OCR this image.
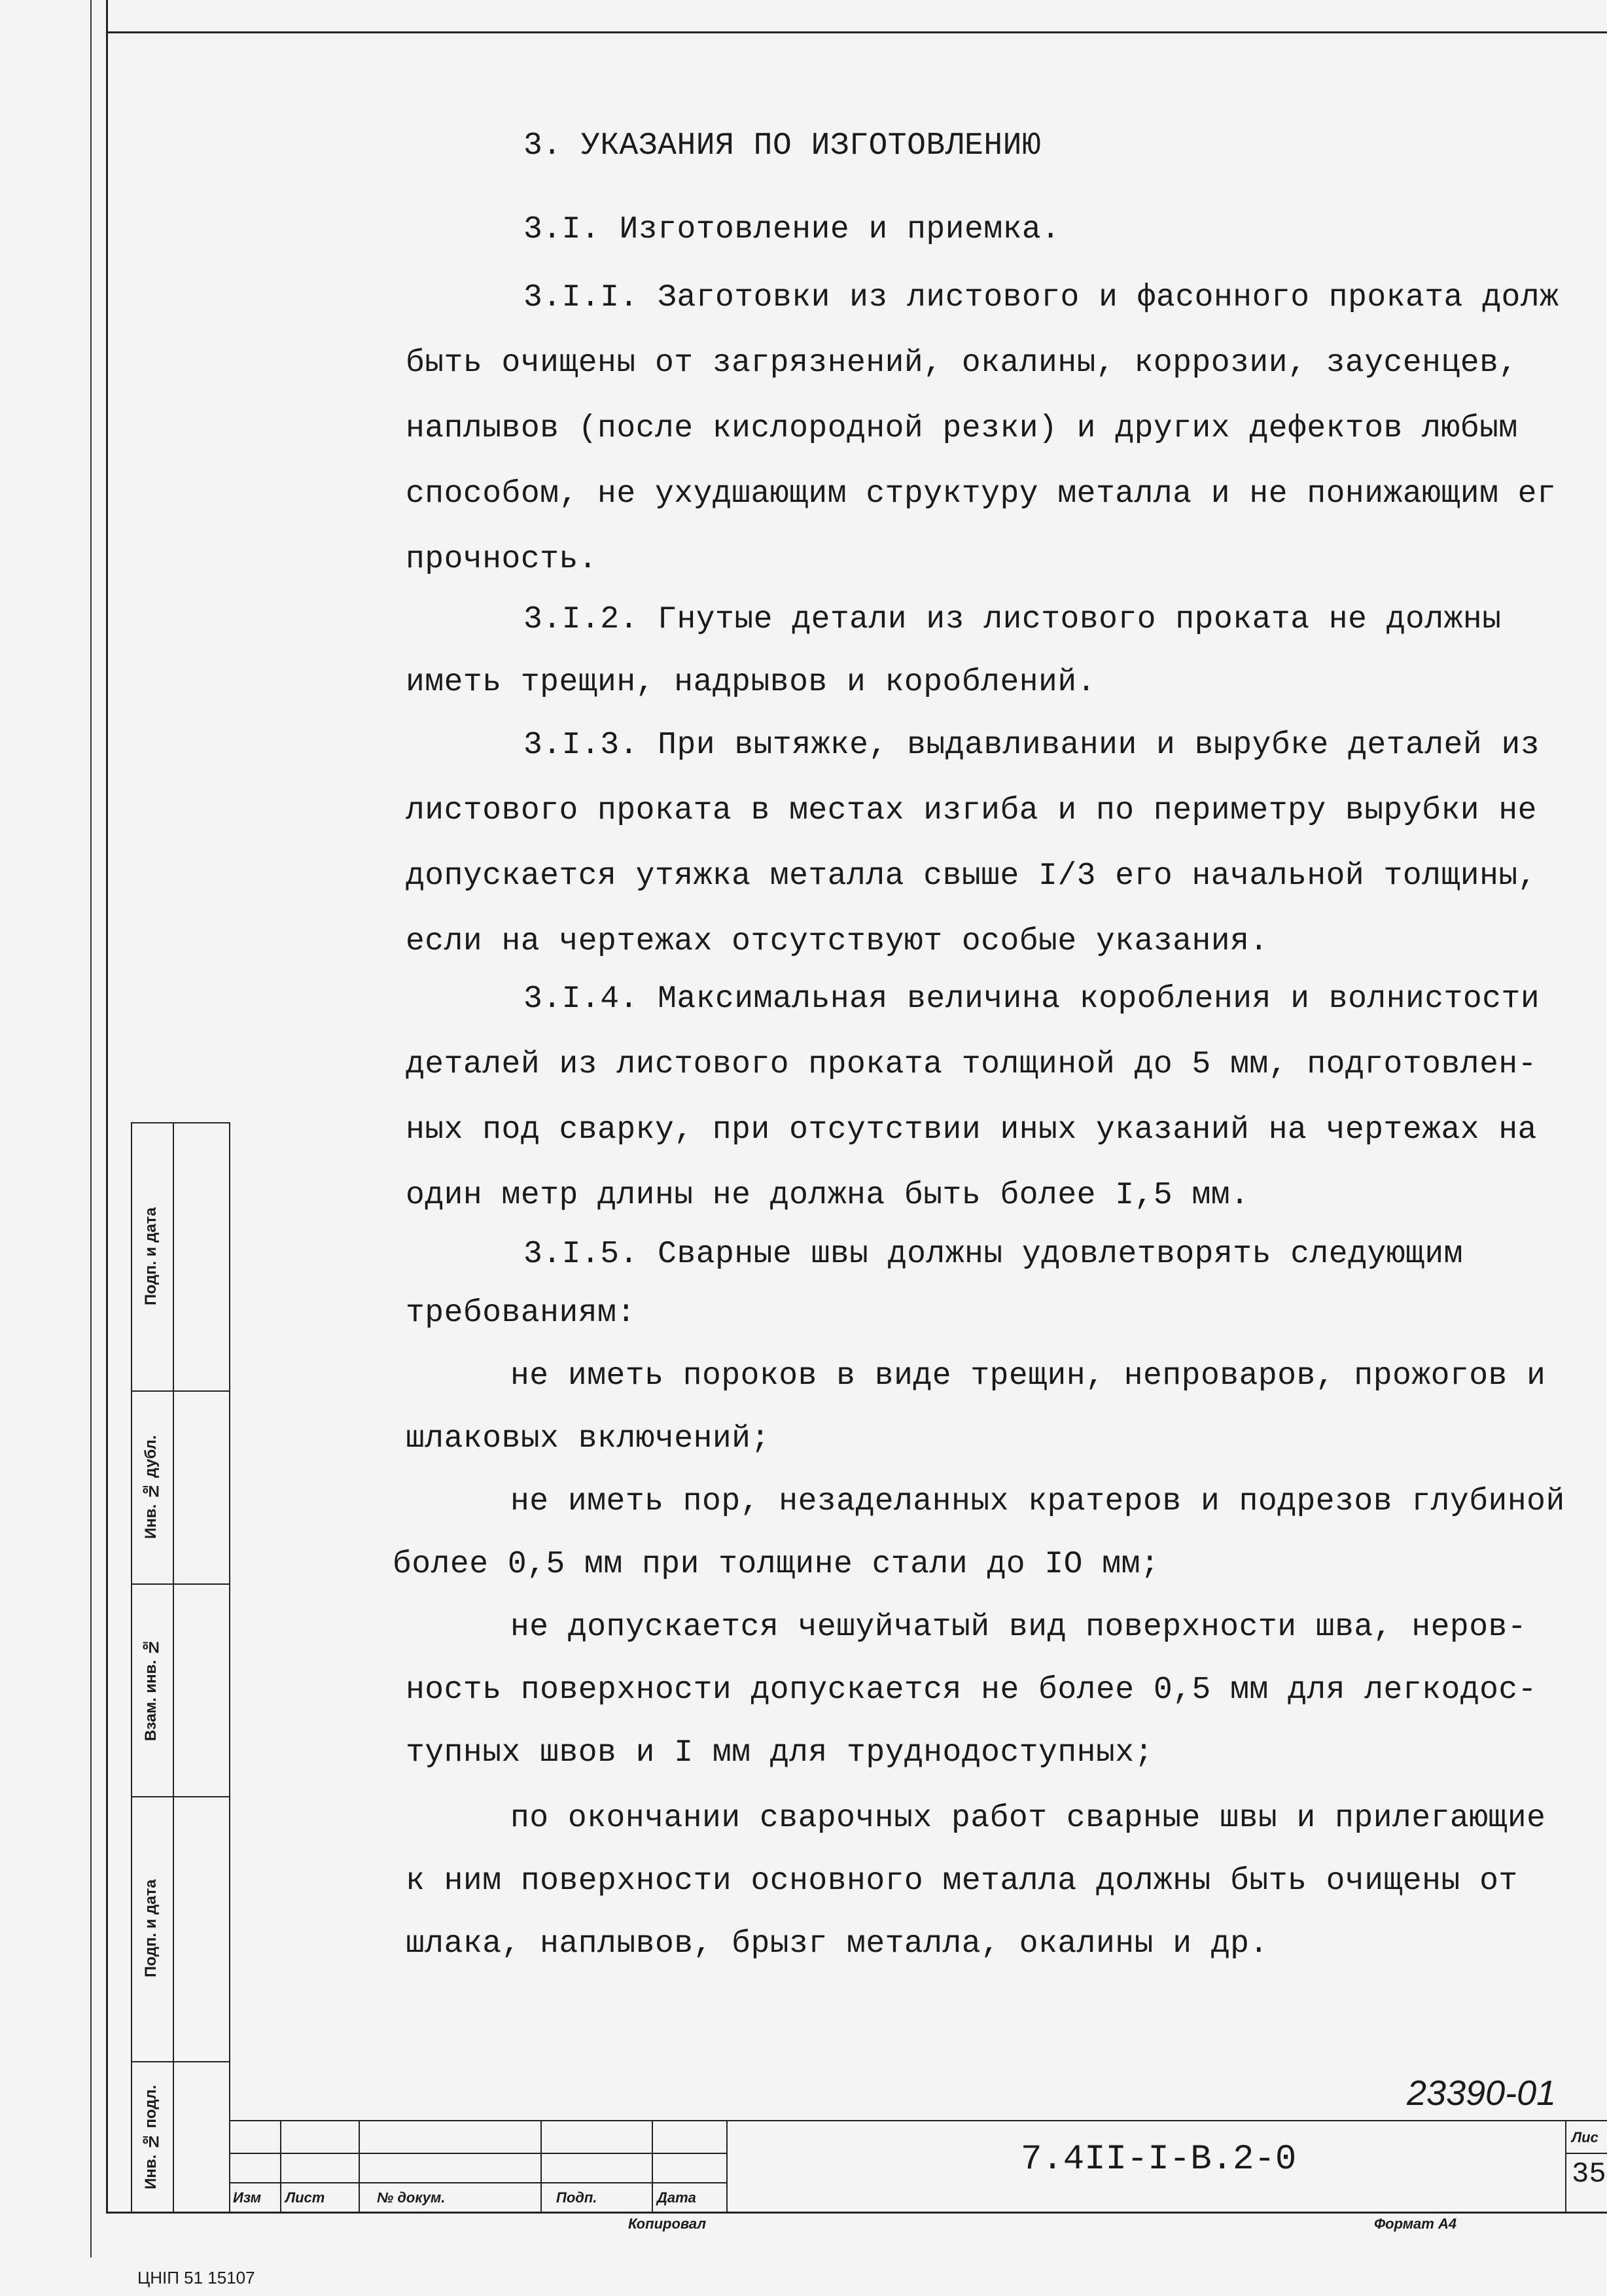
3. УКАЗАНИЯ ПО ИЗГОТОВЛЕНИЮ
3.I. Изготовление и приемка.
3.I.I. Заготовки из листового и фасонного проката долж
быть очищены от загрязнений, окалины, коррозии, заусенцев,
наплывов (после кислородной резки) и других дефектов любым
способом, не ухудшающим структуру металла и не понижающим ег
прочность.
3.I.2. Гнутые детали из листового проката не должны
иметь трещин, надрывов и короблений.
3.I.3. При вытяжке, выдавливании и вырубке деталей из
листового проката в местах изгиба и по периметру вырубки не
допускается утяжка металла свыше I/3 его начальной толщины,
если на чертежах отсутствуют особые указания.
3.I.4. Максимальная величина коробления и волнистости
деталей из листового проката толщиной до 5 мм, подготовлен-
ных под сварку, при отсутствии иных указаний на чертежах на
один метр длины не должна быть более I,5 мм.
3.I.5. Сварные швы должны удовлетворять следующим
требованиям:
не иметь пороков в виде трещин, непроваров, прожогов и
шлаковых включений;
не иметь пор, незаделанных кратеров и подрезов глубиной
более 0,5 мм при толщине стали до IO мм;
не допускается чешуйчатый вид поверхности шва, неров-
ность поверхности допускается не более 0,5 мм для легкодос-
тупных швов и I мм для труднодоступных;
по окончании сварочных работ сварные швы и прилегающие
к ним поверхности основного металла должны быть очищены от
шлака, наплывов, брызг металла, окалины и др.
Подп. и дата
Инв. № дубл.
Взам. инв. №
Подп. и дата
Инв. № подл.
Изм Лист	№ докум.	Подп.	Дата
7.4II-I-В.2-0
Лис
35
23390-01
Копировал	Формат А4
ЦНIП 51 15107
